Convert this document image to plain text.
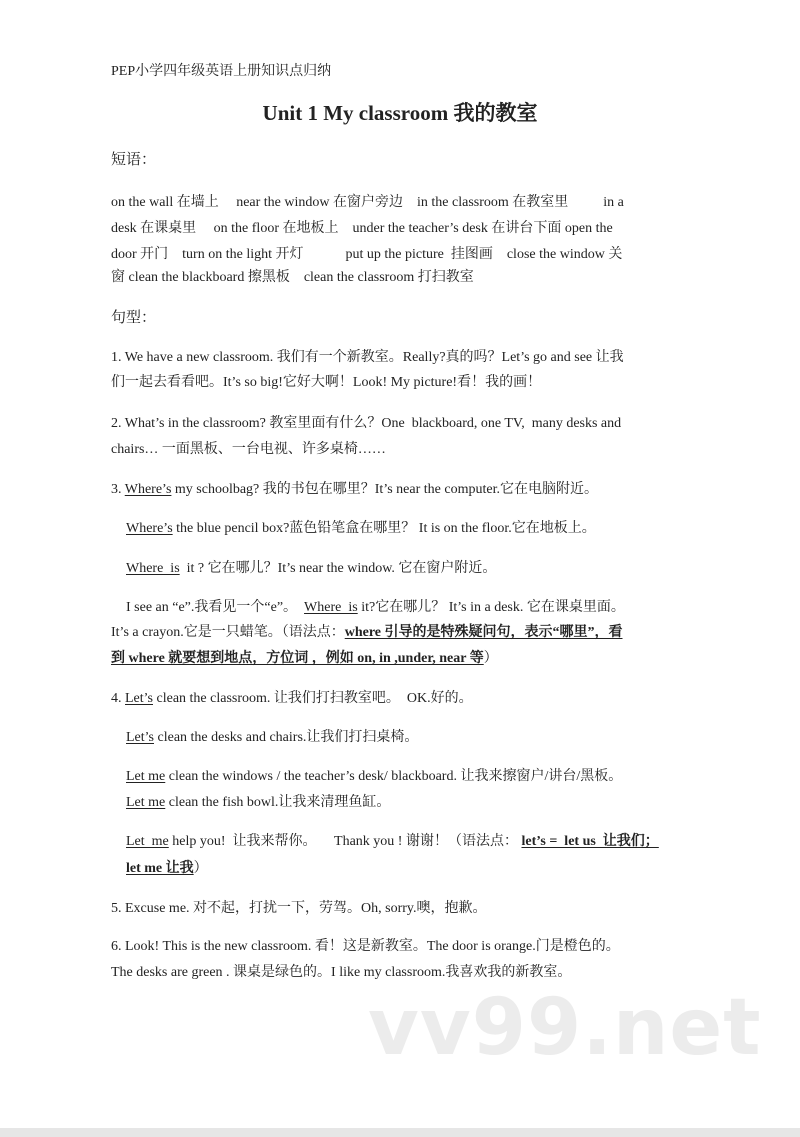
PEP小学四年级英语上册知识点归纳
Unit 1 My classroom 我的教室
短语：
句型：
on the wall 在墙上     near the window 在窗户旁边    in the classroom 在教室里          in a
desk 在课桌里     on the floor 在地板上    under the teacher’s desk 在讲台下面 open the
door 开门    turn on the light 开灯            put up the picture  挂图画    close the window 关
窗 clean the blackboard 擦黑板    clean the classroom 打扫教室
1. We have a new classroom. 我们有一个新教室。Really?真的吗？Let’s go and see 让我
们一起去看看吧。It’s so big!它好大啊！Look! My picture!看！我的画！
2. What’s in the classroom? 教室里面有什么？One  blackboard, one TV,  many desks and
chairs… 一面黑板、一台电视、许多桌椅……
3. Where’s my schoolbag? 我的书包在哪里？It’s near the computer.它在电脑附近。
Where’s the blue pencil box?蓝色铅笔盒在哪里？ It is on the floor.它在地板上。
Where  is  it ? 它在哪儿？It’s near the window. 它在窗户附近。
I see an “e”.我看见一个“e”。  Where  is it?它在哪儿？ It’s in a desk. 它在课桌里面。
It’s a crayon.它是一只蜡笔。（语法点：where 引导的是特殊疑问句，表示“哪里”，看
到 where 就要想到地点，方位词 ，例如 on, in ,under, near 等）
4. Let’s clean the classroom. 让我们打扫教室吧。  OK.好的。
Let’s clean the desks and chairs.让我们打扫桌椅。
Let me clean the windows / the teacher’s desk/ blackboard. 让我来擦窗户/讲台/黑板。
Let me clean the fish bowl.让我来清理鱼缸。
Let  me help you!  让我来帮你。     Thank you ! 谢谢！（语法点： let’s =  let us  让我们；
let me 让我）
5. Excuse me. 对不起，打扰一下，劳驾。Oh, sorry.噢，抱歉。
6. Look! This is the new classroom. 看！这是新教室。The door is orange.门是橙色的。
The desks are green . 课桌是绿色的。I like my classroom.我喜欢我的新教室。
vv99.net
